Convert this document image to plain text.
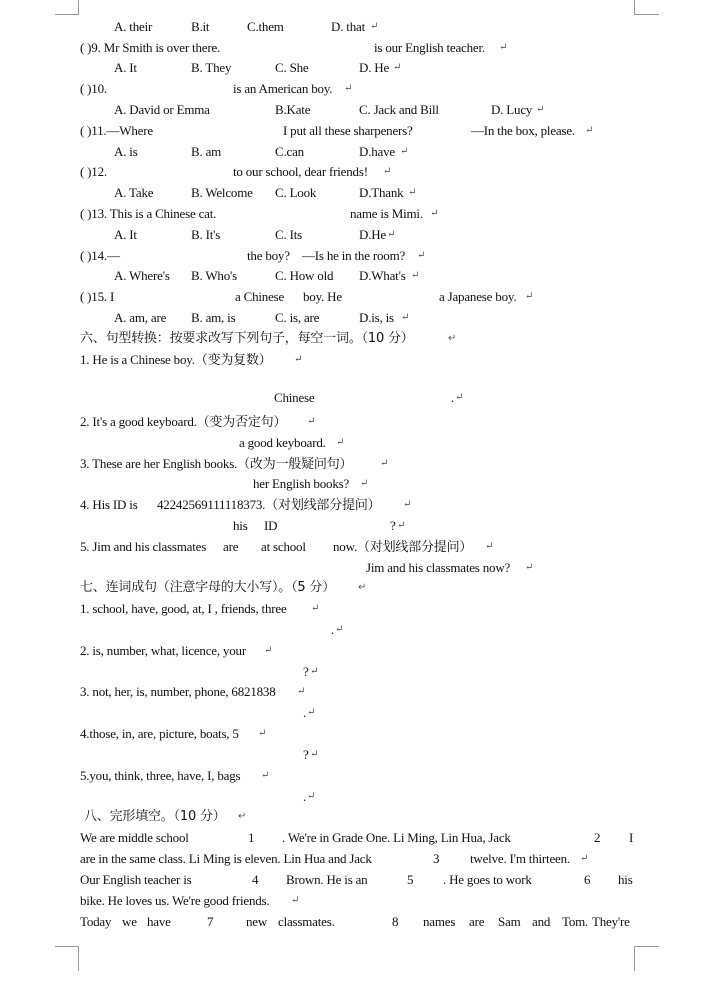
A. their	B.it	C.them	D. that ↵
( )9. Mr Smith is over there.	is our English teacher. ↵
A. It	B. They	C. She	D. He ↵
( )10.	is an American boy. ↵
A. David or Emma	B.Kate	C. Jack and Bill	D. Lucy ↵
( )11.—Where	I put all these sharpeners?	—In the box, please. ↵
A. is	B. am	C.can	D.have ↵
( )12.	to our school, dear friends! ↵
A. Take	B. Welcome C. Look	D.Thank ↵
( )13. This is a Chinese cat.	name is Mimi. ↵
A. It	B. It's	C. Its	D.He ↵
( )14.—	the boy? —Is he in the room? ↵
A. Where's B. Who's	C. How old D.What's ↵
( )15. I	a Chinese boy. He	a Japanese boy. ↵
A. am, are B. am, is	C. is, are	D.is, is ↵
六、句型转换：按要求改写下列句子，每空一词。（10 分）	↵
1. He is a Chinese boy.（变为复数） ↵
Chinese	. ↵
2. It's a good keyboard.（变为否定句） ↵
a good keyboard. ↵
3. These are her English books.（改为一般疑问句）	↵
her English books? ↵
4. His ID is 42242569111118373.（对划线部分提问） ↵
his ID	? ↵
5. Jim and his classmates are at school now.（对划线部分提问） ↵
Jim and his classmates now? ↵
七、连词成句（注意字母的大小写）。（5 分） ↵
1. school, have, good, at, I , friends, three ↵
. ↵
2. is, number, what, licence, your ↵
? ↵
3. not, her, is, number, phone, 6821838 ↵
. ↵
4.those, in, are, picture, boats, 5 ↵
? ↵
5.you, think, three, have, I, bags ↵
. ↵
八、完形填空。（10 分） ↵
We are middle school	1 . We're in Grade One. Li Ming, Lin Hua, Jack	2 I
are in the same class. Li Ming is eleven. Lin Hua and Jack	3 twelve. I'm thirteen. ↵
Our English teacher is	4 Brown. He is an	5 . He goes to work	6 his
bike. He loves us. We're good friends. ↵
Today we have	7	new classmates.	8 names are Sam and Tom. They're
